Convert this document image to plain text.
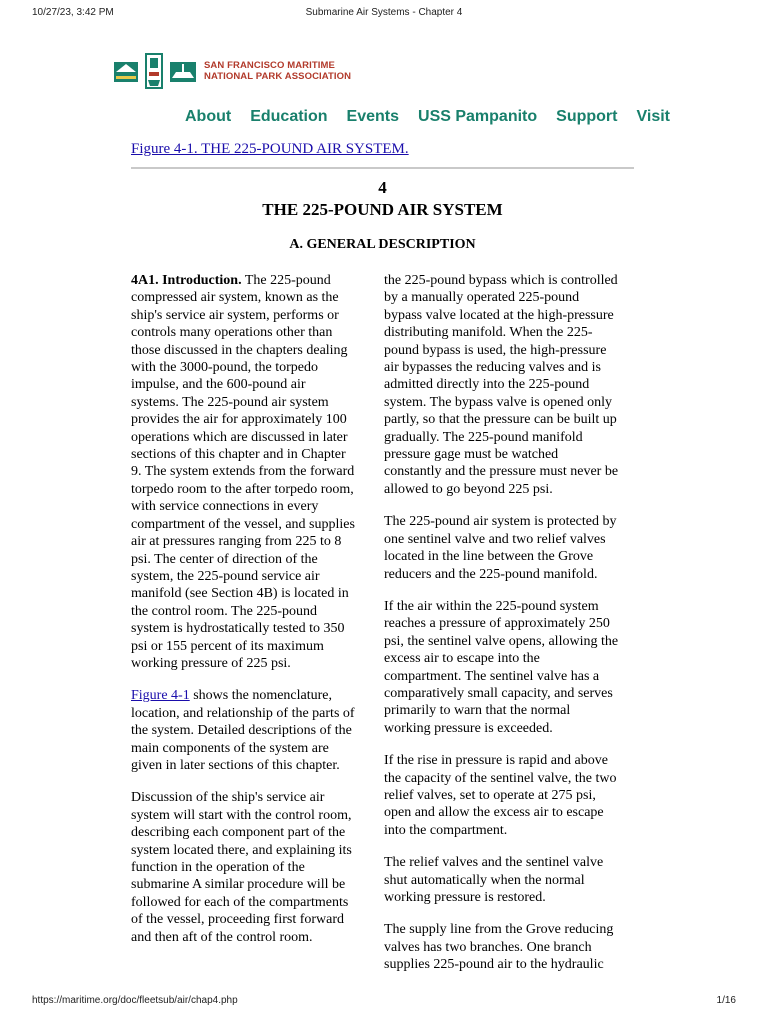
10/27/23, 3:42 PM	Submarine Air Systems - Chapter 4
SAN FRANCISCO MARITIME
NATIONAL PARK ASSOCIATION
About Education Events USS Pampanito Support Visit
Figure 4-1. THE 225-POUND AIR SYSTEM.
4
THE 225-POUND AIR SYSTEM
A. GENERAL DESCRIPTION

4A1. Introduction. The 225-pound
compressed air system, known as the
ship's service air system, performs or
controls many operations other than
those discussed in the chapters dealing
with the 3000-pound, the torpedo
impulse, and the 600-pound air
systems. The 225-pound air system
provides the air for approximately 100
operations which are discussed in later
sections of this chapter and in Chapter
9. The system extends from the forward
torpedo room to the after torpedo room,
with service connections in every
compartment of the vessel, and supplies
air at pressures ranging from 225 to 8
psi. The center of direction of the
system, the 225-pound service air
manifold (see Section 4B) is located in
the control room. The 225-pound
system is hydrostatically tested to 350
psi or 155 percent of its maximum
working pressure of 225 psi.

Figure 4-1 shows the nomenclature,
location, and relationship of the parts of
the system. Detailed descriptions of the
main components of the system are
given in later sections of this chapter.

Discussion of the ship's service air
system will start with the control room,
describing each component part of the
system located there, and explaining its
function in the operation of the
submarine A similar procedure will be
followed for each of the compartments
of the vessel, proceeding first forward
and then aft of the control room.

the 225-pound bypass which is controlled
by a manually operated 225-pound
bypass valve located at the high-pressure
distributing manifold. When the 225-
pound bypass is used, the high-pressure
air bypasses the reducing valves and is
admitted directly into the 225-pound
system. The bypass valve is opened only
partly, so that the pressure can be built up
gradually. The 225-pound manifold
pressure gage must be watched
constantly and the pressure must never be
allowed to go beyond 225 psi.

The 225-pound air system is protected by
one sentinel valve and two relief valves
located in the line between the Grove
reducers and the 225-pound manifold.

If the air within the 225-pound system
reaches a pressure of approximately 250
psi, the sentinel valve opens, allowing the
excess air to escape into the
compartment. The sentinel valve has a
comparatively small capacity, and serves
primarily to warn that the normal
working pressure is exceeded.

If the rise in pressure is rapid and above
the capacity of the sentinel valve, the two
relief valves, set to operate at 275 psi,
open and allow the excess air to escape
into the compartment.

The relief valves and the sentinel valve
shut automatically when the normal
working pressure is restored.

The supply line from the Grove reducing
valves has two branches. One branch
supplies 225-pound air to the hydraulic

https://maritime.org/doc/fleetsub/air/chap4.php	1/16
